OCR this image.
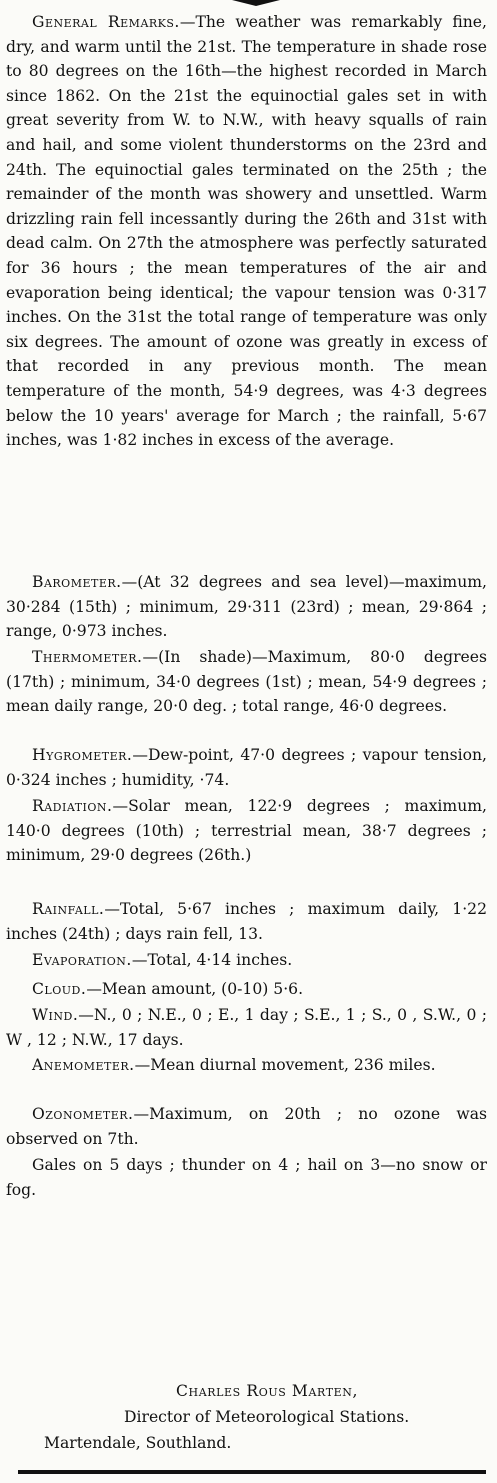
General Remarks.—The weather was remarkably fine, dry, and warm until the 21st. The temperature in shade rose to 80 degrees on the 16th—the highest recorded in March since 1862. On the 21st the equinoctial gales set in with great severity from W. to N.W., with heavy squalls of rain and hail, and some violent thunderstorms on the 23rd and 24th. The equinoctial gales terminated on the 25th ; the remainder of the month was showery and unsettled. Warm drizzling rain fell incessantly during the 26th and 31st with dead calm. On 27th the atmosphere was perfectly saturated for 36 hours ; the mean temperatures of the air and evaporation being identical; the vapour tension was 0·317 inches. On the 31st the total range of temperature was only six degrees. The amount of ozone was greatly in excess of that recorded in any previous month. The mean temperature of the month, 54·9 degrees, was 4·3 degrees below the 10 years' average for March ; the rainfall, 5·67 inches, was 1·82 inches in excess of the average.

Barometer.—(At 32 degrees and sea level)—maximum, 30·284 (15th) ; minimum, 29·311 (23rd) ; mean, 29·864 ; range, 0·973 inches.

Thermometer.—(In shade)—Maximum, 80·0 degrees (17th) ; minimum, 34·0 degrees (1st) ; mean, 54·9 degrees ; mean daily range, 20·0 deg. ; total range, 46·0 degrees.

Hygrometer.—Dew-point, 47·0 degrees ; vapour tension, 0·324 inches ; humidity, ·74.

Radiation.—Solar mean, 122·9 degrees ; maximum, 140·0 degrees (10th) ; terrestrial mean, 38·7 degrees ; minimum, 29·0 degrees (26th.)

Rainfall.—Total, 5·67 inches ; maximum daily, 1·22 inches (24th) ; days rain fell, 13.

Evaporation.—Total, 4·14 inches.

Cloud.—Mean amount, (0-10) 5·6.

Wind.—N., 0 ; N.E., 0 ; E., 1 day ; S.E., 1 ; S., 0 , S.W., 0 ; W , 12 ; N.W., 17 days.

Anemometer.—Mean diurnal movement, 236 miles.

Ozonometer.—Maximum, on 20th ; no ozone was observed on 7th.

Gales on 5 days ; thunder on 4 ; hail on 3—no snow or fog.

Charles Rous Marten,
Director of Meteorological Stations.
Martendale, Southland.
